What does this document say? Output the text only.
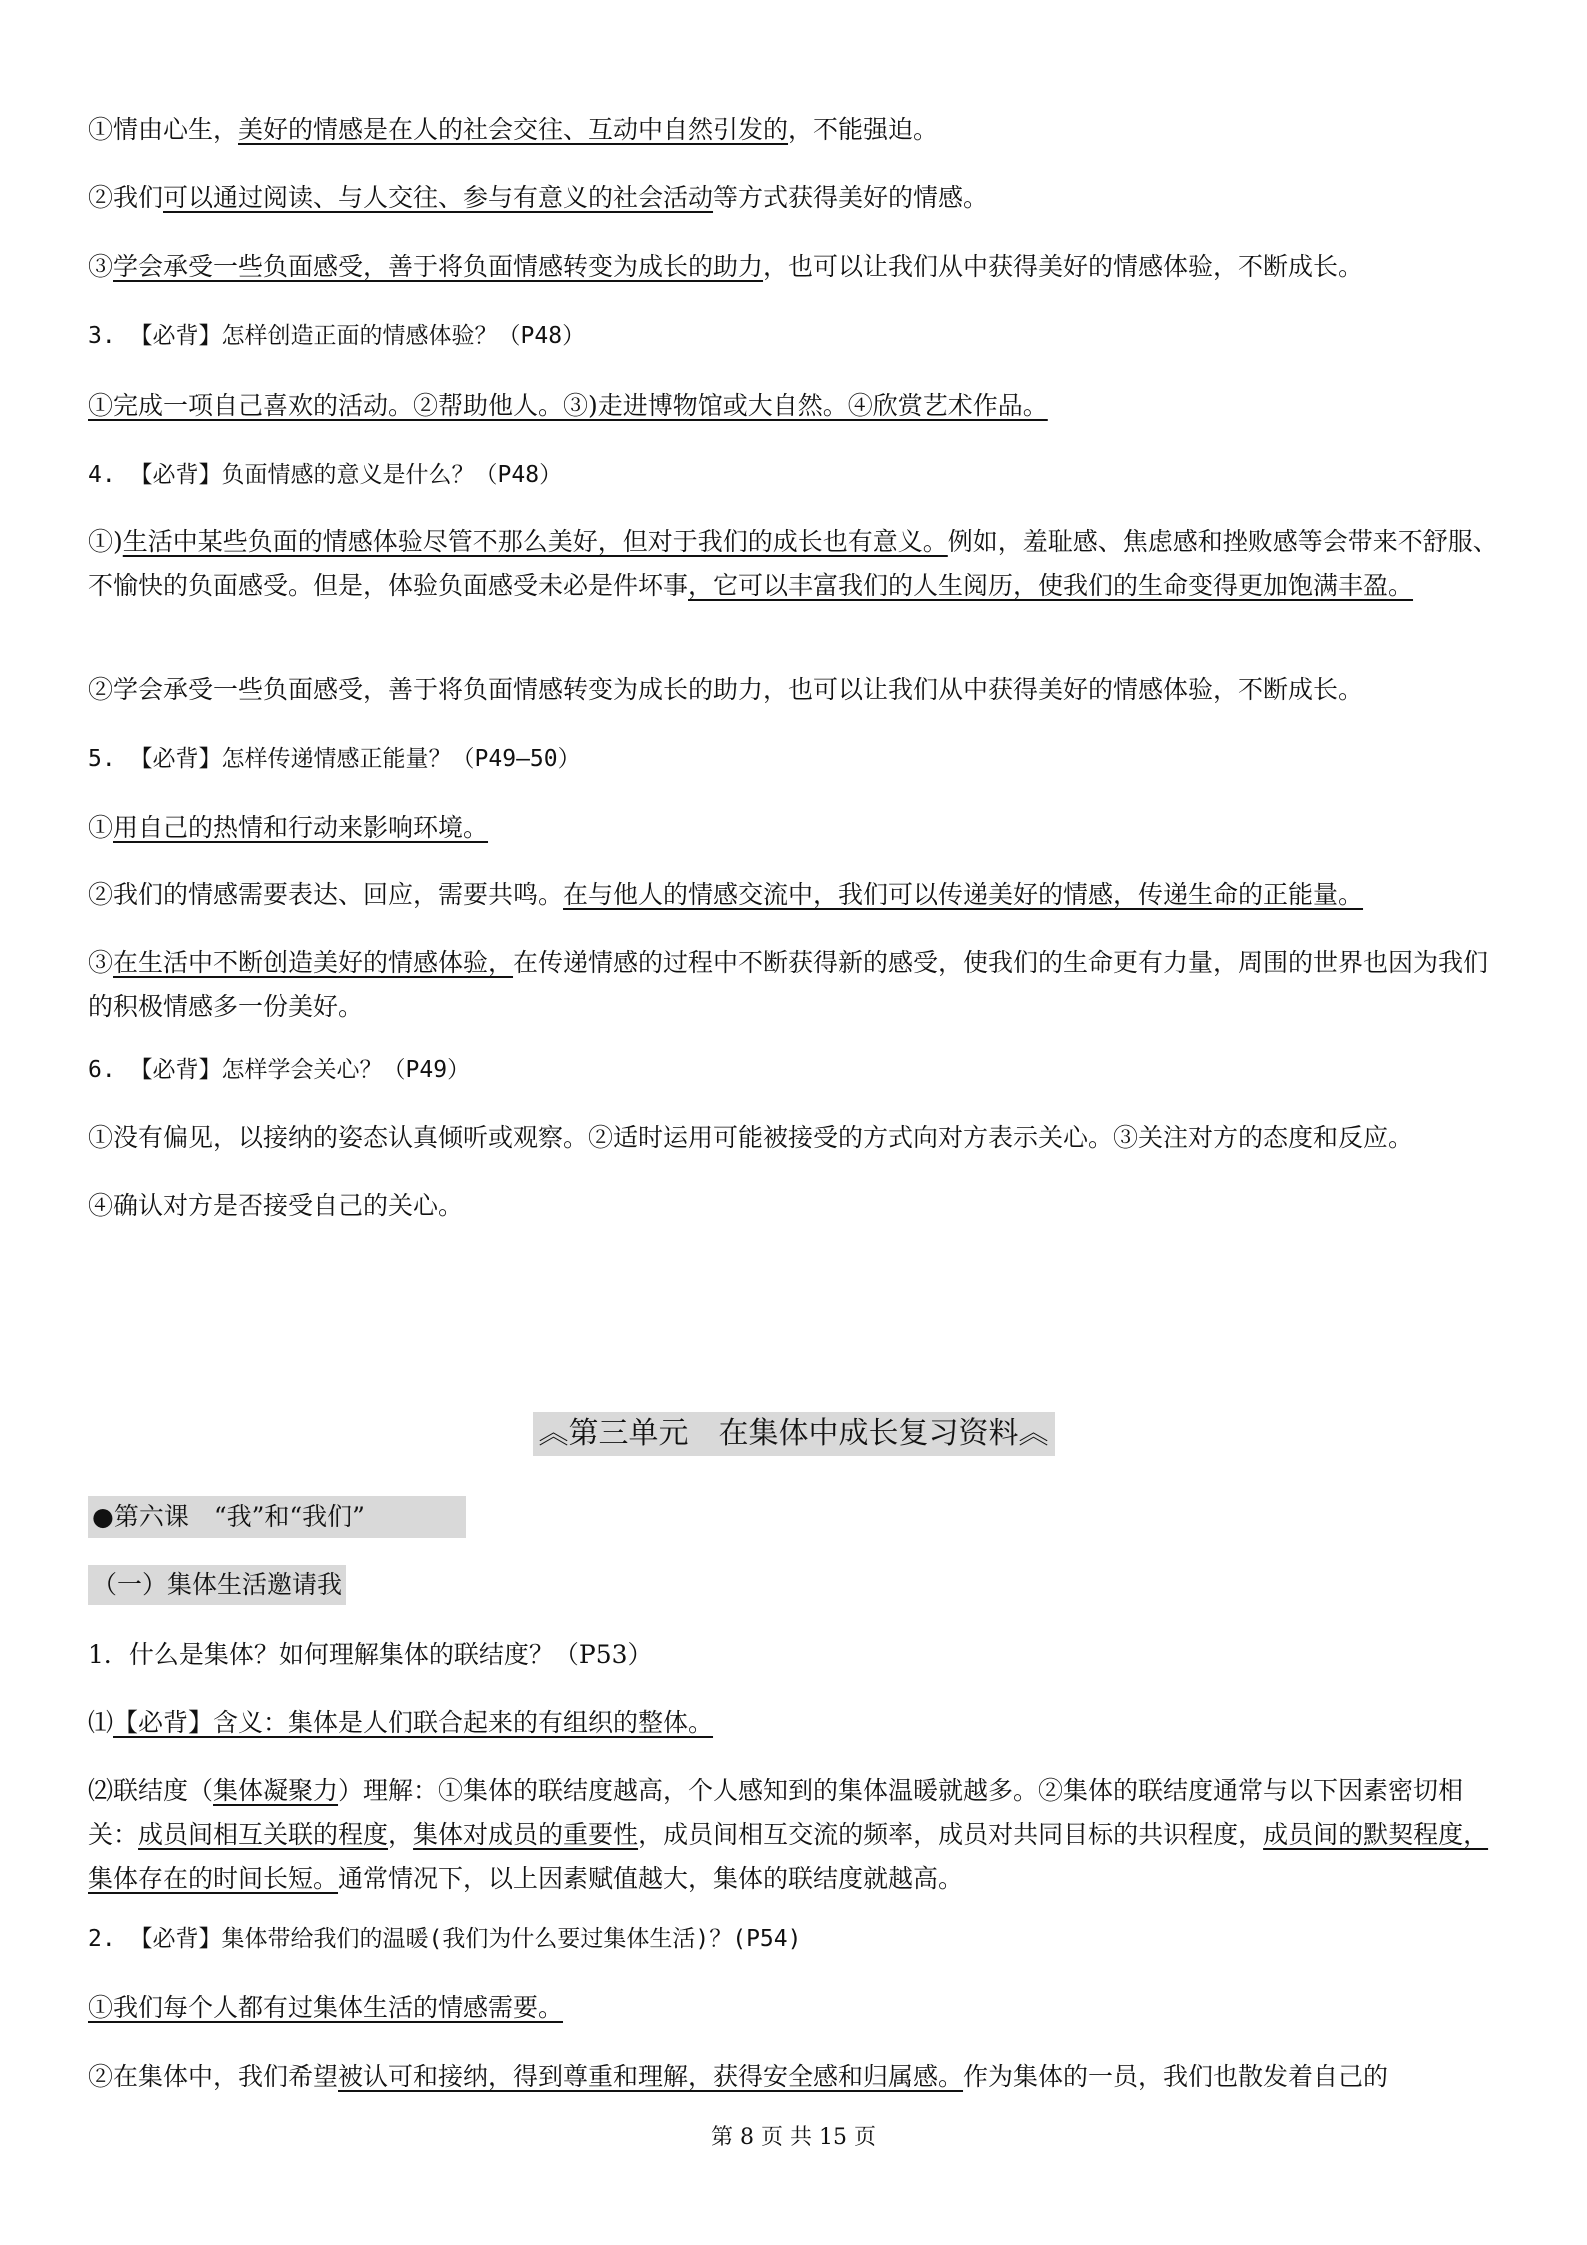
①情由心生，美好的情感是在人的社会交往、互动中自然引发的，不能强迫。
②我们可以通过阅读、与人交往、参与有意义的社会活动等方式获得美好的情感。
③学会承受一些负面感受，善于将负面情感转变为成长的助力，也可以让我们从中获得美好的情感体验，不断成长。
3. 【必背】怎样创造正面的情感体验？（P48）
①完成一项自己喜欢的活动。②帮助他人。③)走进博物馆或大自然。④欣赏艺术作品。
4. 【必背】负面情感的意义是什么？（P48）
①)生活中某些负面的情感体验尽管不那么美好，但对于我们的成长也有意义。例如，羞耻感、焦虑感和挫败感等会带来不舒服、不愉快的负面感受。但是，体验负面感受未必是件坏事，它可以丰富我们的人生阅历，使我们的生命变得更加饱满丰盈。
②学会承受一些负面感受，善于将负面情感转变为成长的助力，也可以让我们从中获得美好的情感体验，不断成长。
5. 【必背】怎样传递情感正能量？（P49—50）
①用自己的热情和行动来影响环境。
②我们的情感需要表达、回应，需要共鸣。在与他人的情感交流中，我们可以传递美好的情感，传递生命的正能量。
③在生活中不断创造美好的情感体验，在传递情感的过程中不断获得新的感受，使我们的生命更有力量，周围的世界也因为我们的积极情感多一份美好。
6. 【必背】怎样学会关心？（P49）
①没有偏见，以接纳的姿态认真倾听或观察。②适时运用可能被接受的方式向对方表示关心。③关注对方的态度和反应。
④确认对方是否接受自己的关心。
︽第三单元　在集体中成长复习资料︽
●第六课　“我”和“我们”
（一）集体生活邀请我
1．什么是集体？如何理解集体的联结度？（P53）
⑴【必背】含义：集体是人们联合起来的有组织的整体。
⑵联结度（集体凝聚力）理解：①集体的联结度越高，个人感知到的集体温暖就越多。②集体的联结度通常与以下因素密切相关：成员间相互关联的程度，集体对成员的重要性，成员间相互交流的频率，成员对共同目标的共识程度，成员间的默契程度，集体存在的时间长短。通常情况下，以上因素赋值越大，集体的联结度就越高。
2. 【必背】集体带给我们的温暖(我们为什么要过集体生活)？(P54)
①我们每个人都有过集体生活的情感需要。
②在集体中，我们希望被认可和接纳，得到尊重和理解，获得安全感和归属感。作为集体的一员，我们也散发着自己的
第 8 页 共 15 页
